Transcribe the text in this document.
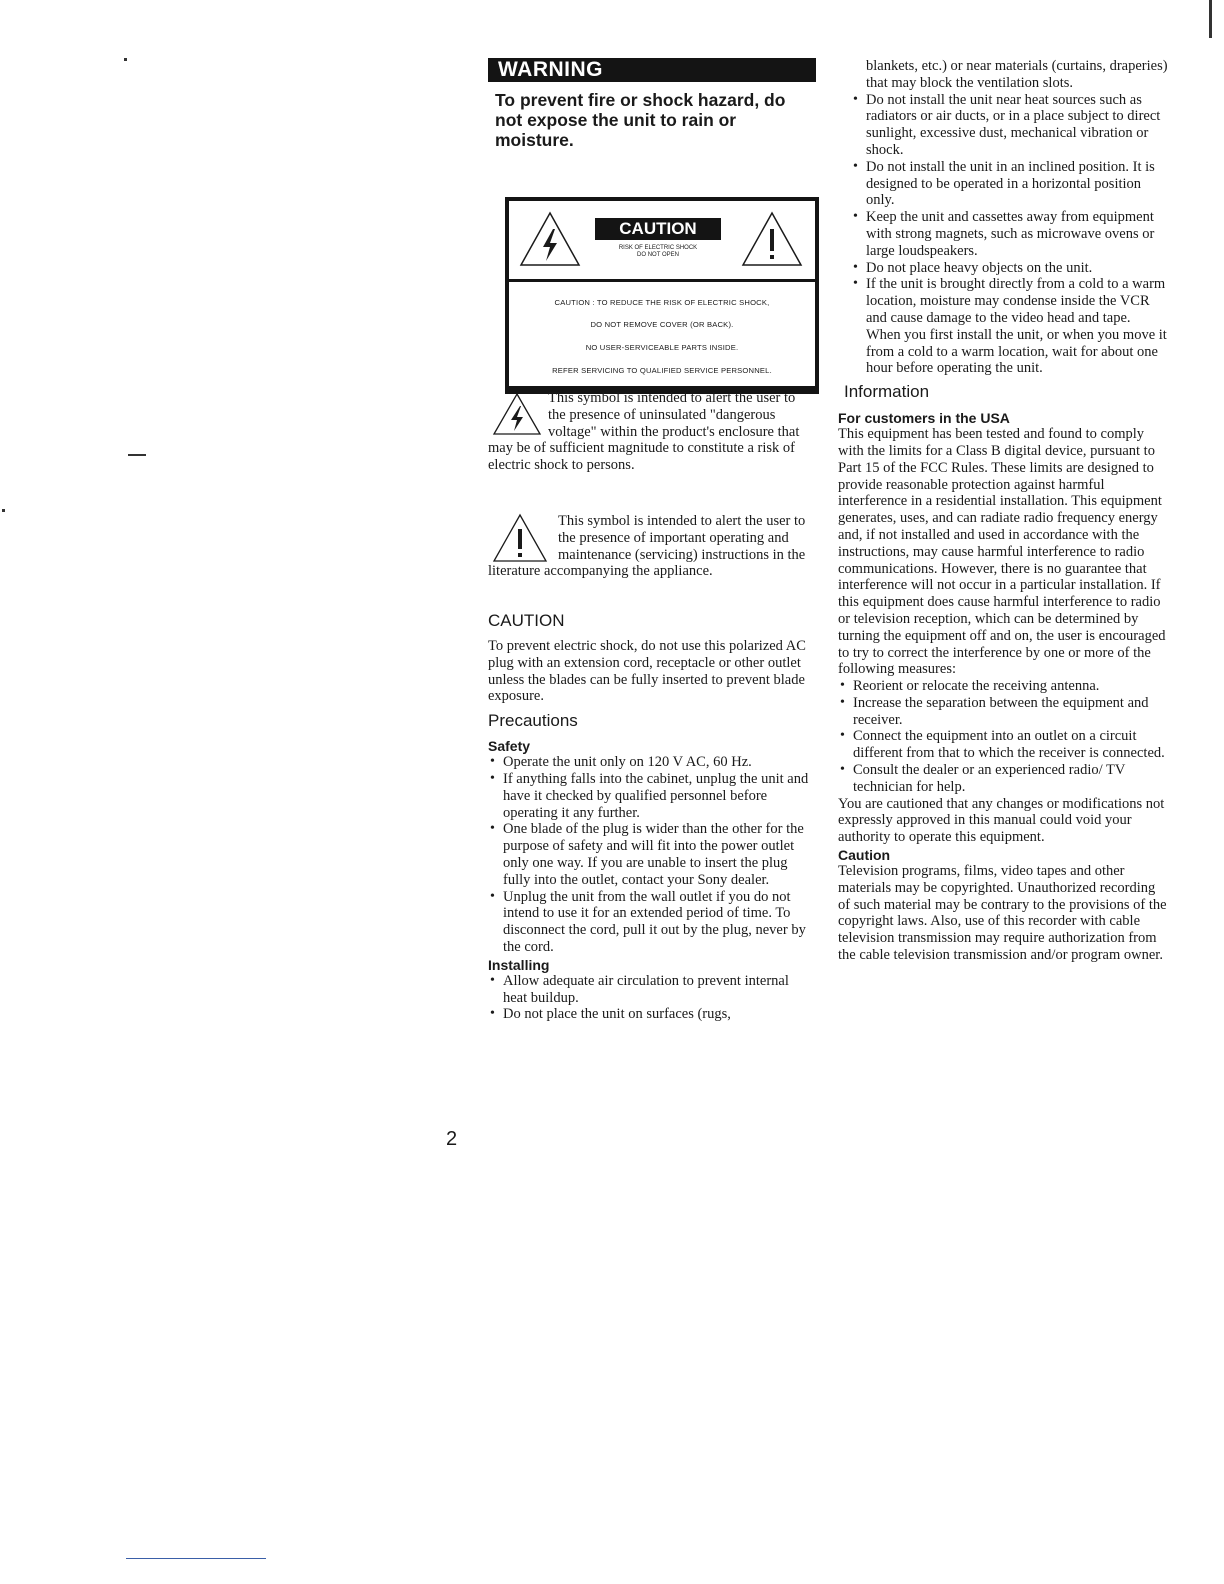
WARNING
To prevent fire or shock hazard, do not expose the unit to rain or moisture.
CAUTION
RISK OF ELECTRIC SHOCK
DO NOT OPEN
CAUTION : TO REDUCE THE RISK OF ELECTRIC SHOCK,
DO NOT REMOVE COVER (OR BACK).
NO USER-SERVICEABLE PARTS INSIDE.
REFER SERVICING TO QUALIFIED SERVICE PERSONNEL.
This symbol is intended to alert the user to the presence of uninsulated "dangerous voltage" within the product's enclosure that may be of sufficient magnitude to constitute a risk of electric shock to persons.
This symbol is intended to alert the user to the presence of important operating and maintenance (servicing) instructions in the literature accompanying the appliance.
CAUTION
To prevent electric shock, do not use this polarized AC plug with an extension cord, receptacle or other outlet unless the blades can be fully inserted to prevent blade exposure.
Precautions
Safety
• Operate the unit only on 120 V AC, 60 Hz.
• If anything falls into the cabinet, unplug the unit and have it checked by qualified personnel before operating it any further.
• One blade of the plug is wider than the other for the purpose of safety and will fit into the power outlet only one way. If you are unable to insert the plug fully into the outlet, contact your Sony dealer.
• Unplug the unit from the wall outlet if you do not intend to use it for an extended period of time. To disconnect the cord, pull it out by the plug, never by the cord.
Installing
• Allow adequate air circulation to prevent internal heat buildup.
• Do not place the unit on surfaces (rugs,
blankets, etc.) or near materials (curtains, draperies) that may block the ventilation slots.
• Do not install the unit near heat sources such as radiators or air ducts, or in a place subject to direct sunlight, excessive dust, mechanical vibration or shock.
• Do not install the unit in an inclined position. It is designed to be operated in a horizontal position only.
• Keep the unit and cassettes away from equipment with strong magnets, such as microwave ovens or large loudspeakers.
• Do not place heavy objects on the unit.
• If the unit is brought directly from a cold to a warm location, moisture may condense inside the VCR and cause damage to the video head and tape. When you first install the unit, or when you move it from a cold to a warm location, wait for about one hour before operating the unit.
Information
For customers in the USA
This equipment has been tested and found to comply with the limits for a Class B digital device, pursuant to Part 15 of the FCC Rules. These limits are designed to provide reasonable protection against harmful interference in a residential installation. This equipment generates, uses, and can radiate radio frequency energy and, if not installed and used in accordance with the instructions, may cause harmful interference to radio communications. However, there is no guarantee that interference will not occur in a particular installation. If this equipment does cause harmful interference to radio or television reception, which can be determined by turning the equipment off and on, the user is encouraged to try to correct the interference by one or more of the following measures:
• Reorient or relocate the receiving antenna.
• Increase the separation between the equipment and receiver.
• Connect the equipment into an outlet on a circuit different from that to which the receiver is connected.
• Consult the dealer or an experienced radio/ TV technician for help.
You are cautioned that any changes or modifications not expressly approved in this manual could void your authority to operate this equipment.
Caution
Television programs, films, video tapes and other materials may be copyrighted. Unauthorized recording of such material may be contrary to the provisions of the copyright laws. Also, use of this recorder with cable television transmission may require authorization from the cable television transmission and/or program owner.
2
